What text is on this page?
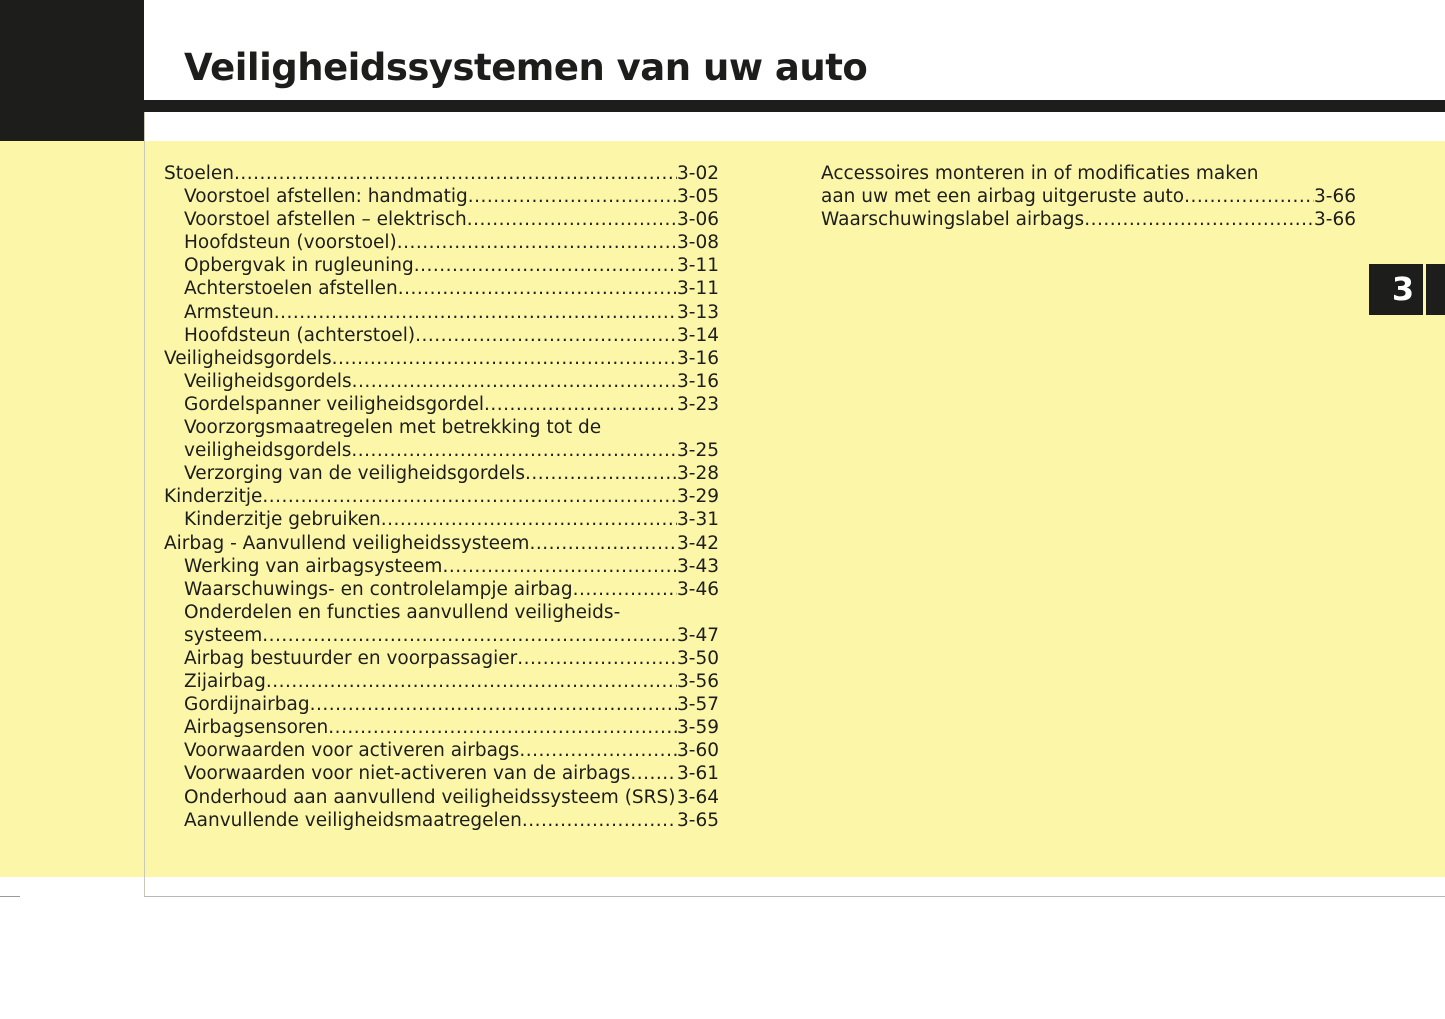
Veiligheidssystemen van uw auto
Stoelen .....	3-02
Voorstoel afstellen: handmatig .....	3-05
Voorstoel afstellen – elektrisch .....	3-06
Hoofdsteun (voorstoel) .....	3-08
Opbergvak in rugleuning .....	3-11
Achterstoelen afstellen .....	3-11
Armsteun .....	3-13
Hoofdsteun (achterstoel) .....	3-14
Veiligheidsgordels .....	3-16
Veiligheidsgordels .....	3-16
Gordelspanner veiligheidsgordel .....	3-23
Voorzorgsmaatregelen met betrekking tot de
veiligheidsgordels .....	3-25
Verzorging van de veiligheidsgordels .....	3-28
Kinderzitje .....	3-29
Kinderzitje gebruiken .....	3-31
Airbag - Aanvullend veiligheidssysteem .....	3-42
Werking van airbagsysteem .....	3-43
Waarschuwings- en controlelampje airbag .....	3-46
Onderdelen en functies aanvullend veiligheids-
systeem .....	3-47
Airbag bestuurder en voorpassagier .....	3-50
Zijairbag .....	3-56
Gordijnairbag .....	3-57
Airbagsensoren .....	3-59
Voorwaarden voor activeren airbags .....	3-60
Voorwaarden voor niet-activeren van de airbags .....	3-61
Onderhoud aan aanvullend veiligheidssysteem (SRS) ..... 3-64
Aanvullende veiligheidsmaatregelen .....	3-65
Accessoires monteren in of modificaties maken
aan uw met een airbag uitgeruste auto .....	3-66
Waarschuwingslabel airbags .....	3-66
3
